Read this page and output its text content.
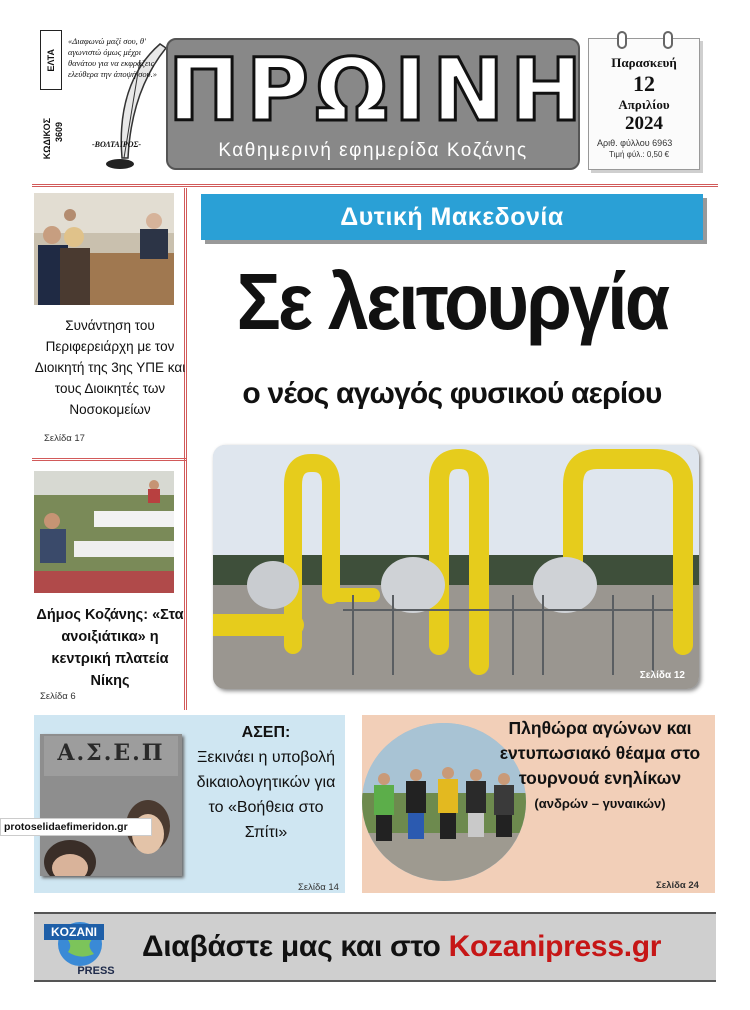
ΕΛΤΑ
ΚΩΔΙΚΟΣ 3609
«Διαφωνώ μαζί σου, θ' αγωνιστώ όμως μέχρι θανάτου για να εκφράζεις ελεύθερα την άποψή σου.»
-ΒΟΛΤΑΙΡΟΣ-
ΠΡΩΙΝΗ
Καθημερινή εφημερίδα Κοζάνης
Παρασκευή
12
Απριλίου
2024
Αριθ. φύλλου 6963
Τιμή φύλ.: 0,50 €
Συνάντηση του Περιφερειάρχη με τον Διοικητή της 3ης ΥΠΕ και τους Διοικητές των Νοσοκομείων
Σελίδα 17
Δήμος Κοζάνης: «Στα ανοιξιάτικα» η κεντρική πλατεία Νίκης
Σελίδα 6
Δυτική Μακεδονία
Σε λειτουργία
ο νέος αγωγός φυσικού αερίου
Σελίδα 12
Α.Σ.Ε.Π
ΑΣΕΠ:
Ξεκινάει η υποβολή δικαιολογητικών για το «Βοήθεια στο Σπίτι»
Σελίδα 14
Πληθώρα αγώνων και εντυπωσιακό θέαμα στο τουρνουά ενηλίκων
(ανδρών – γυναικών)
Σελίδα 24
protoselidaefimeridon.gr
KOZANI
PRESS
Διαβάστε μας και στο Kozanipress.gr
